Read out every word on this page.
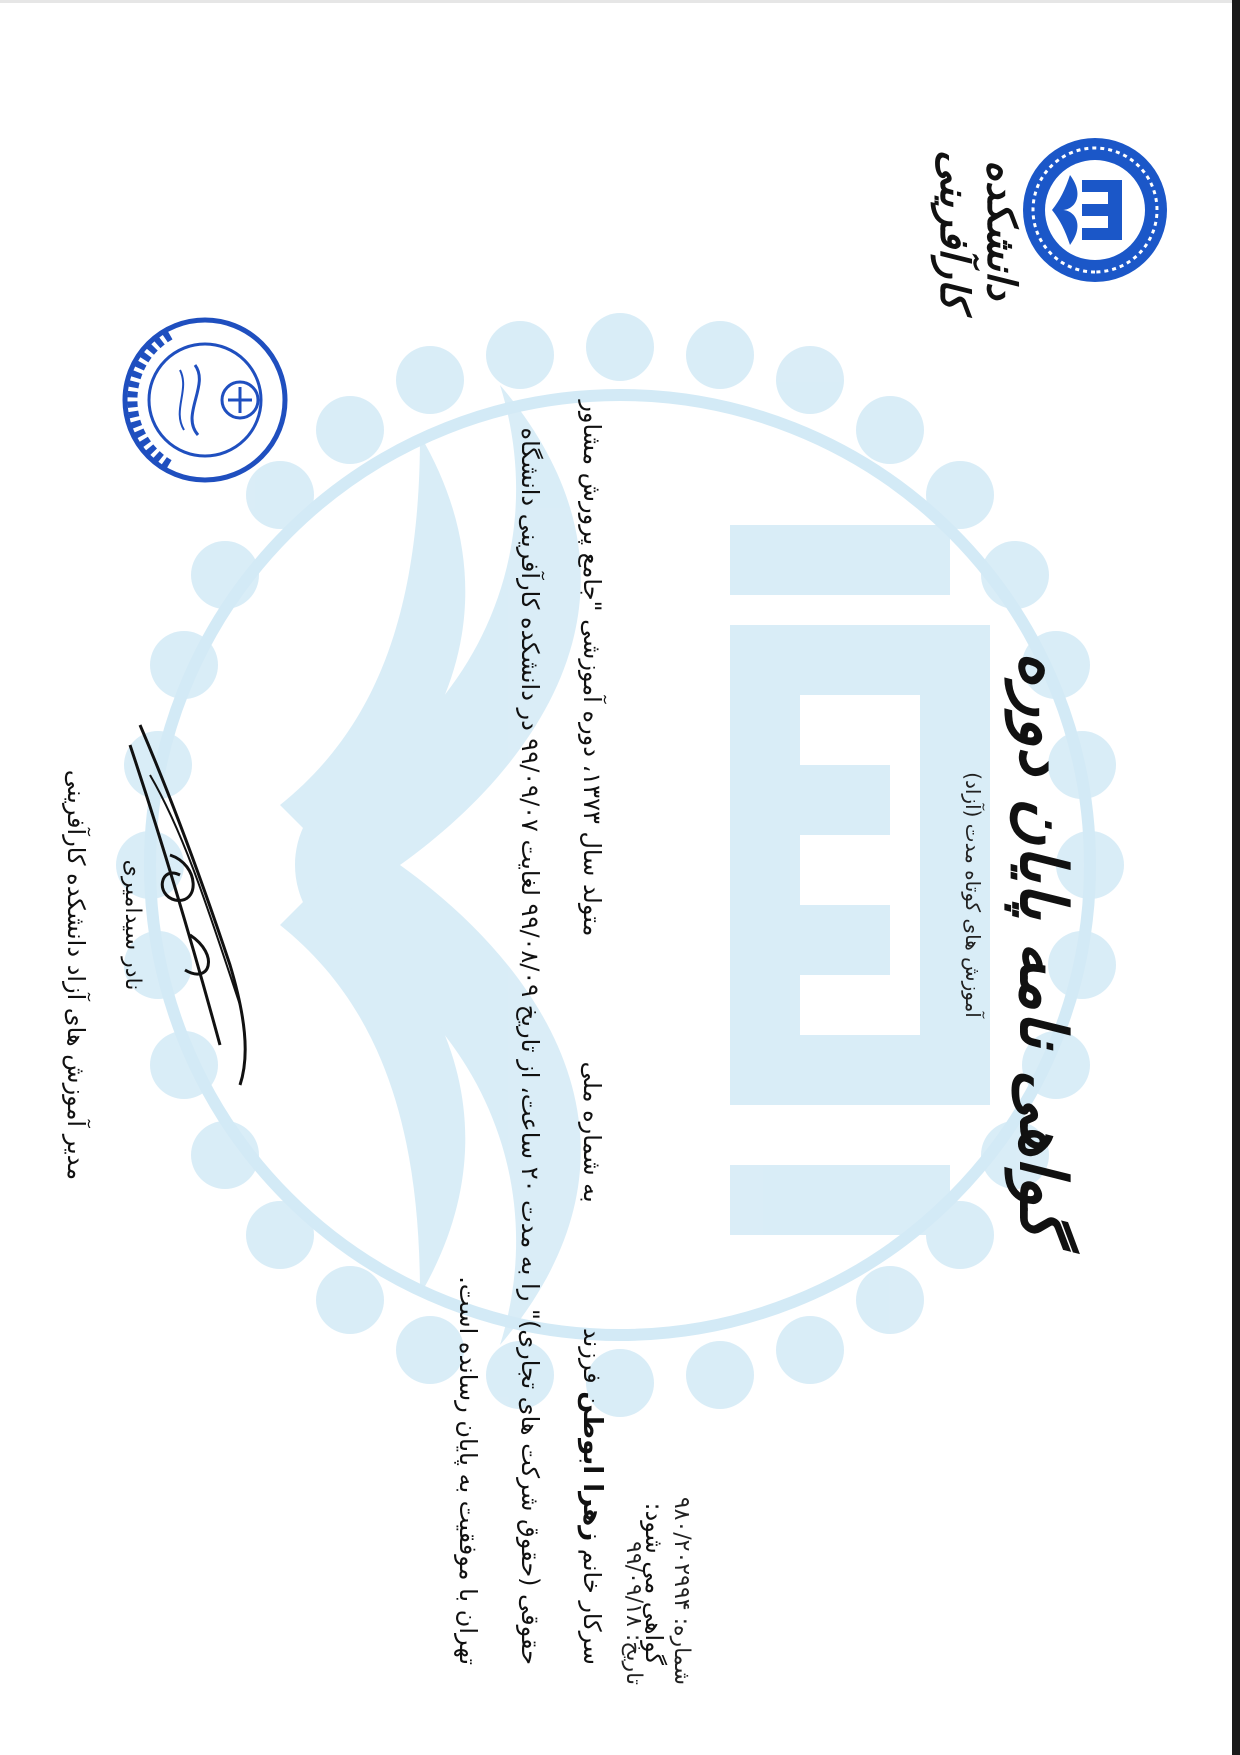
دانشکده کارآفرینی
گواهی نامه پایان دوره
آموزش های کوتاه مدت (آزاد)
شماره: ۹۸۰/۲۰۲۹۹۴
تاریخ: ۹۹/۰۹/۱۸
گواهی می شود:
سرکار خانم زهرا ابوطن فرزند  به شماره ملی  متولد سال ۱۳۷۳، دوره آموزشی "جامع پرورش مشاور
حقوقی (حقوق شرکت های تجاری)" را به مدت ۲۰ ساعت، از تاریخ ۹۹/۰۸/۰۹ لغایت ۹۹/۰۹/۰۷ در دانشکده کارآفرینی دانشگاه
تهران با موفقیت به پایان رسانده است.
نادر سیدامیری
مدیر آموزش های آزاد دانشکده کارآفرینی
